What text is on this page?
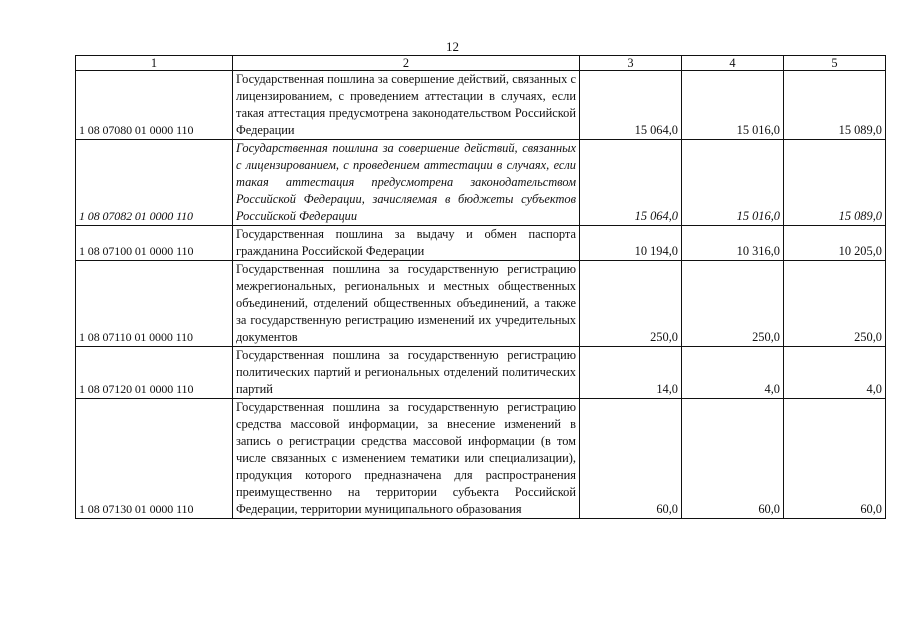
12
1	2	3	4	5
1 08 07080 01 0000 110	Государственная пошлина за совершение действий, связанных с лицензированием, с проведением аттестации в случаях, если такая аттестация предусмотрена законодательством Российской Федерации	15 064,0	15 016,0	15 089,0
1 08 07082 01 0000 110	Государственная пошлина за совершение действий, связанных с лицензированием, с проведением аттестации в случаях, если такая аттестация предусмотрена законодательством Российской Федерации, зачисляемая в бюджеты субъектов Российской Федерации	15 064,0	15 016,0	15 089,0
1 08 07100 01 0000 110	Государственная пошлина за выдачу и обмен паспорта гражданина Российской Федерации	10 194,0	10 316,0	10 205,0
1 08 07110 01 0000 110	Государственная пошлина за государственную регистрацию межрегиональных, региональных и местных общественных объединений, отделений общественных объединений, а также за государственную регистрацию изменений их учредительных документов	250,0	250,0	250,0
1 08 07120 01 0000 110	Государственная пошлина за государственную регистрацию политических партий и региональных отделений политических партий	14,0	4,0	4,0
1 08 07130 01 0000 110	Государственная пошлина за государственную регистрацию средства массовой информации, за внесение изменений в запись о регистрации средства массовой информации (в том числе связанных с изменением тематики или специализации), продукция которого предназначена для распространения преимущественно на территории субъекта Российской Федерации, территории муниципального образования	60,0	60,0	60,0
